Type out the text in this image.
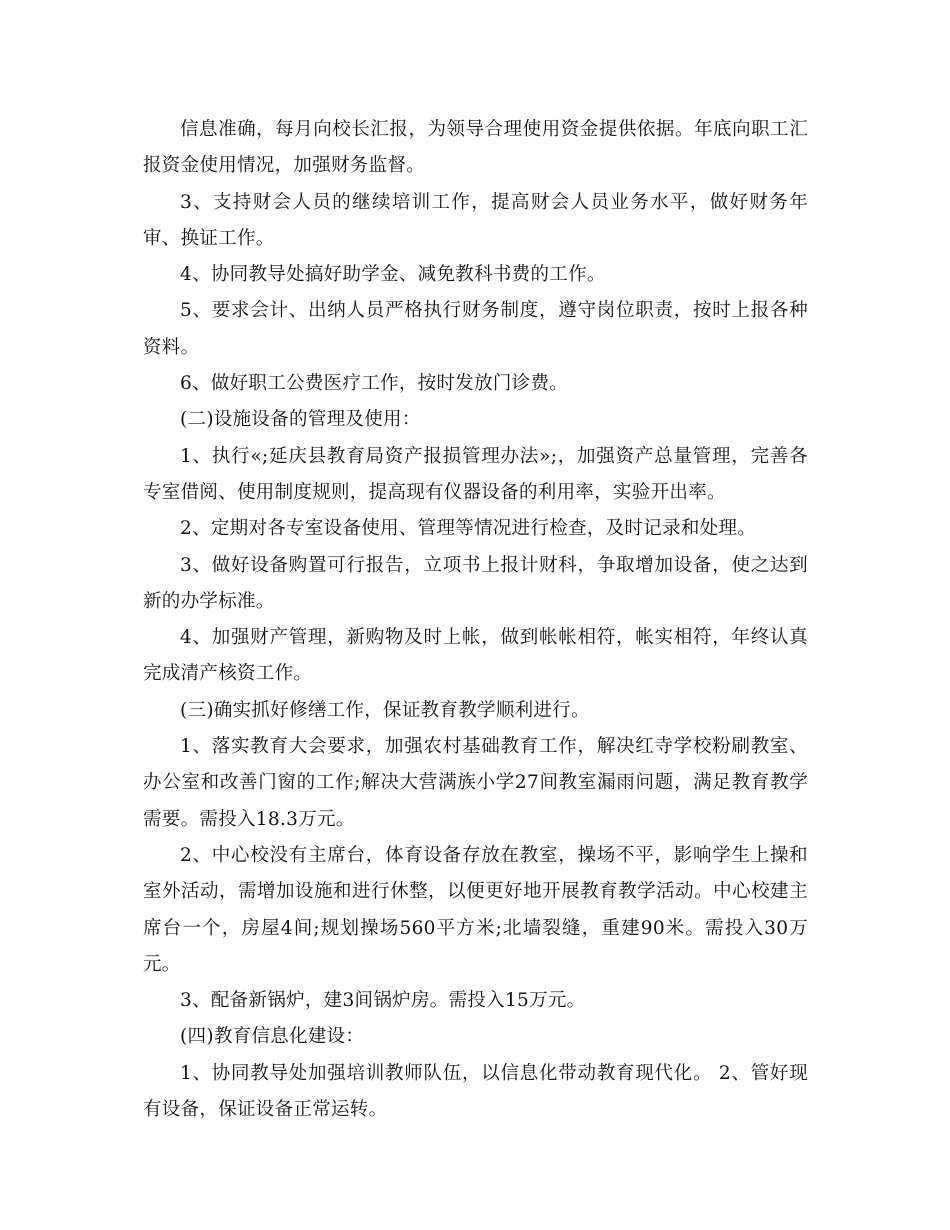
信息准确，每月向校长汇报，为领导合理使用资金提供依据。年底向职工汇报资金使用情况，加强财务监督。

3、支持财会人员的继续培训工作，提高财会人员业务水平，做好财务年审、换证工作。

4、协同教导处搞好助学金、减免教科书费的工作。

5、要求会计、出纳人员严格执行财务制度，遵守岗位职责，按时上报各种资料。

6、做好职工公费医疗工作，按时发放门诊费。

(二)设施设备的管理及使用：

1、执行«;延庆县教育局资产报损管理办法»;，加强资产总量管理，完善各专室借阅、使用制度规则，提高现有仪器设备的利用率，实验开出率。

2、定期对各专室设备使用、管理等情况进行检查，及时记录和处理。

3、做好设备购置可行报告，立项书上报计财科，争取增加设备，使之达到新的办学标准。

4、加强财产管理，新购物及时上帐，做到帐帐相符，帐实相符，年终认真完成清产核资工作。

(三)确实抓好修缮工作，保证教育教学顺利进行。

1、落实教育大会要求，加强农村基础教育工作，解决红寺学校粉刷教室、办公室和改善门窗的工作;解决大营满族小学27间教室漏雨问题，满足教育教学需要。需投入18.3万元。

2、中心校没有主席台，体育设备存放在教室，操场不平，影响学生上操和室外活动，需增加设施和进行休整，以便更好地开展教育教学活动。中心校建主席台一个，房屋4间;规划操场560平方米;北墙裂缝，重建90米。需投入30万元。

3、配备新锅炉，建3间锅炉房。需投入15万元。

(四)教育信息化建设：

1、协同教导处加强培训教师队伍，以信息化带动教育现代化。 2、管好现有设备，保证设备正常运转。
